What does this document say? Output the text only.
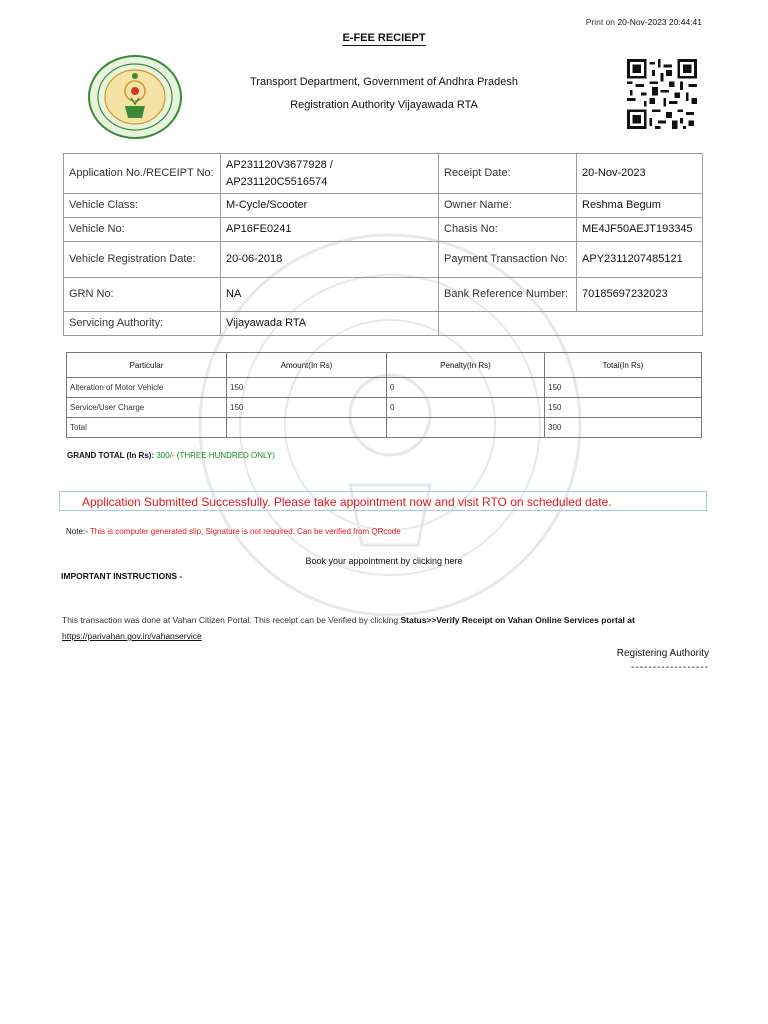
Print on 20-Nov-2023 20:44:41
E-FEE RECIEPT
Transport Department, Government of Andhra Pradesh
Registration Authority Vijayawada RTA
Application No./RECEIPT No:	AP231120V3677928 /
AP231120C5516574	Receipt Date:	20-Nov-2023
Vehicle Class:	M-Cycle/Scooter	Owner Name:	Reshma Begum
Vehicle No:	AP16FE0241	Chasis No:	ME4JF50AEJT193345
Vehicle Registration Date:	20-06-2018	Payment Transaction No:	APY2311207485121
GRN No:	NA	Bank Reference Number:	70185697232023
Servicing Authority:	Vijayawada RTA		
Particular	Amount(In Rs)	Penalty(In Rs)	Total(In Rs)
Alteration of Motor Vehicle	150	0	150
Service/User Charge	150	0	150
Total			300
GRAND TOTAL (In Rs): 300/- (THREE HUNDRED ONLY)
Application Submitted Successfully. Please take appointment now and visit RTO on scheduled date.
Note:- This is computer generated slip, Signature is not required. Can be verified from QRcode
Book your appointment by clicking here
IMPORTANT INSTRUCTIONS -
This transaction was done at Vahan Citizen Portal. This receipt can be Verified by clicking Status>>Verify Receipt on Vahan Online Services portal at
https://parivahan.gov.in/vahanservice
Registering Authority
------------------
